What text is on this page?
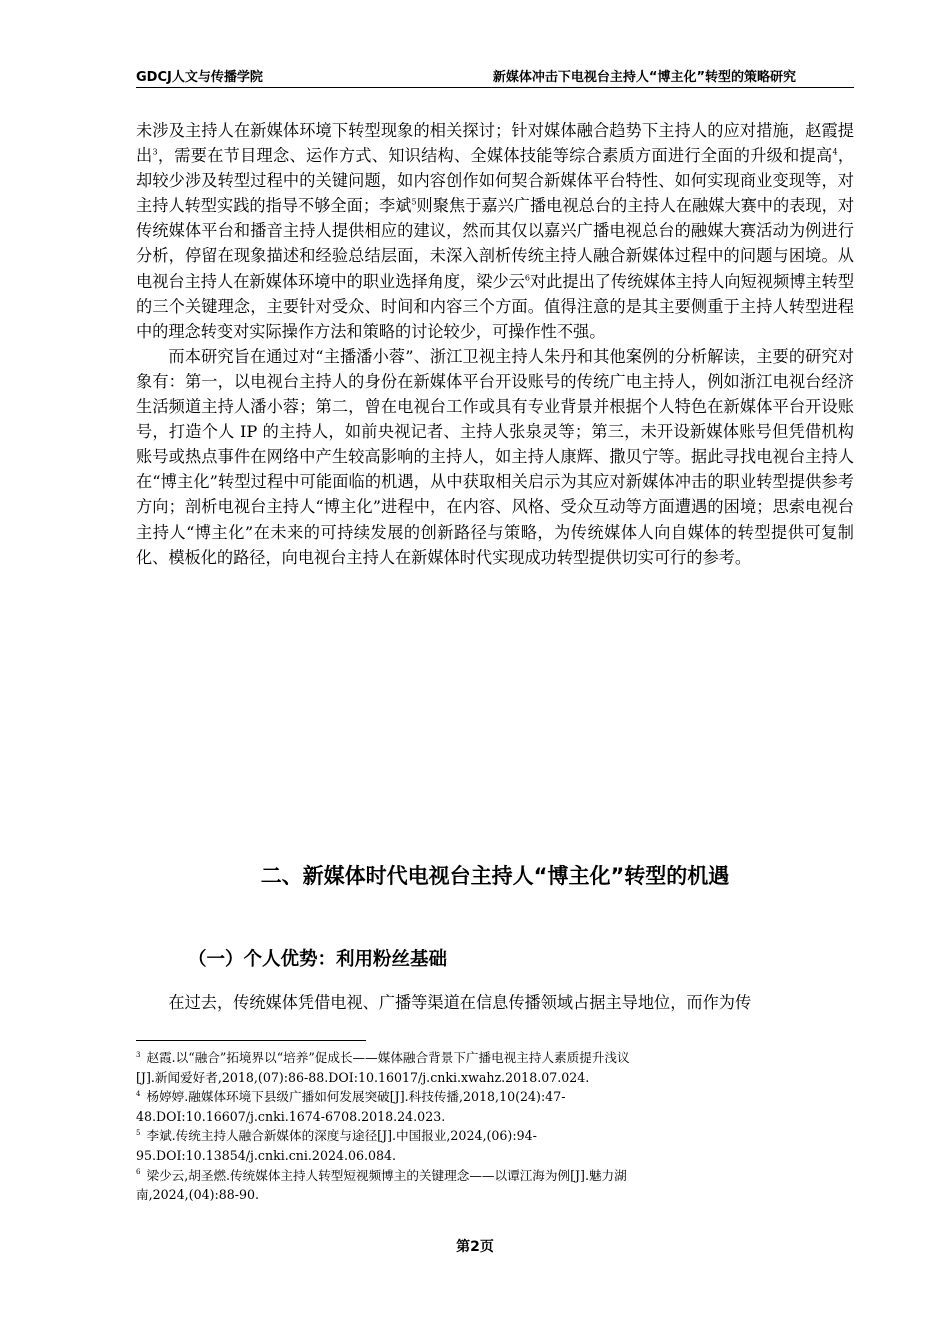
GDCJ人文与传播学院	新媒体冲击下电视台主持人“博主化”转型的策略研究

未涉及主持人在新媒体环境下转型现象的相关探讨；针对媒体融合趋势下主持人的应对措施，赵霞提出$^3$，需要在节目理念、运作方式、知识结构、全媒体技能等综合素质方面进行全面的升级和提高$^4$，却较少涉及转型过程中的关键问题，如内容创作如何契合新媒体平台特性、如何实现商业变现等，对主持人转型实践的指导不够全面；李斌$^5$则聚焦于嘉兴广播电视总台的主持人在融媒大赛中的表现，对传统媒体平台和播音主持人提供相应的建议，然而其仅以嘉兴广播电视总台的融媒大赛活动为例进行分析，停留在现象描述和经验总结层面，未深入剖析传统主持人融合新媒体过程中的问题与困境。从电视台主持人在新媒体环境中的职业选择角度，梁少云$^6$对此提出了传统媒体主持人向短视频博主转型的三个关键理念，主要针对受众、时间和内容三个方面。值得注意的是其主要侧重于主持人转型进程中的理念转变对实际操作方法和策略的讨论较少，可操作性不强。

而本研究旨在通过对“主播潘小蓉”、浙江卫视主持人朱丹和其他案例的分析解读，主要的研究对象有：第一，以电视台主持人的身份在新媒体平台开设账号的传统广电主持人，例如浙江电视台经济生活频道主持人潘小蓉；第二，曾在电视台工作或具有专业背景并根据个人特色在新媒体平台开设账号，打造个人 IP 的主持人，如前央视记者、主持人张泉灵等；第三，未开设新媒体账号但凭借机构账号或热点事件在网络中产生较高影响的主持人，如主持人康辉、撒贝宁等。据此寻找电视台主持人在“博主化”转型过程中可能面临的机遇，从中获取相关启示为其应对新媒体冲击的职业转型提供参考方向；剖析电视台主持人“博主化”进程中，在内容、风格、受众互动等方面遭遇的困境；思索电视台主持人“博主化”在未来的可持续发展的创新路径与策略，为传统媒体人向自媒体的转型提供可复制化、模板化的路径，向电视台主持人在新媒体时代实现成功转型提供切实可行的参考。

二、新媒体时代电视台主持人“博主化”转型的机遇
（一）个人优势：利用粉丝基础
在过去，传统媒体凭借电视、广播等渠道在信息传播领域占据主导地位，而作为传

$^3$ 赵霞.以“融合”拓境界以“培养”促成长——媒体融合背景下广播电视主持人素质提升浅议

[J].新闻爱好者,2018,(07):86-88.DOI:10.16017/j.cnki.xwahz.2018.07.024.

$^4$ 杨婷婷.融媒体环境下县级广播如何发展突破[J].科技传播,2018,10(24):47-

48.DOI:10.16607/j.cnki.1674-6708.2018.24.023.

$^5$ 李斌.传统主持人融合新媒体的深度与途径[J].中国报业,2024,(06):94-

95.DOI:10.13854/j.cnki.cni.2024.06.084.

$^6$ 梁少云,胡圣燃.传统媒体主持人转型短视频博主的关键理念——以谭江海为例[J].魅力湖

南,2024,(04):88-90.

第2页
